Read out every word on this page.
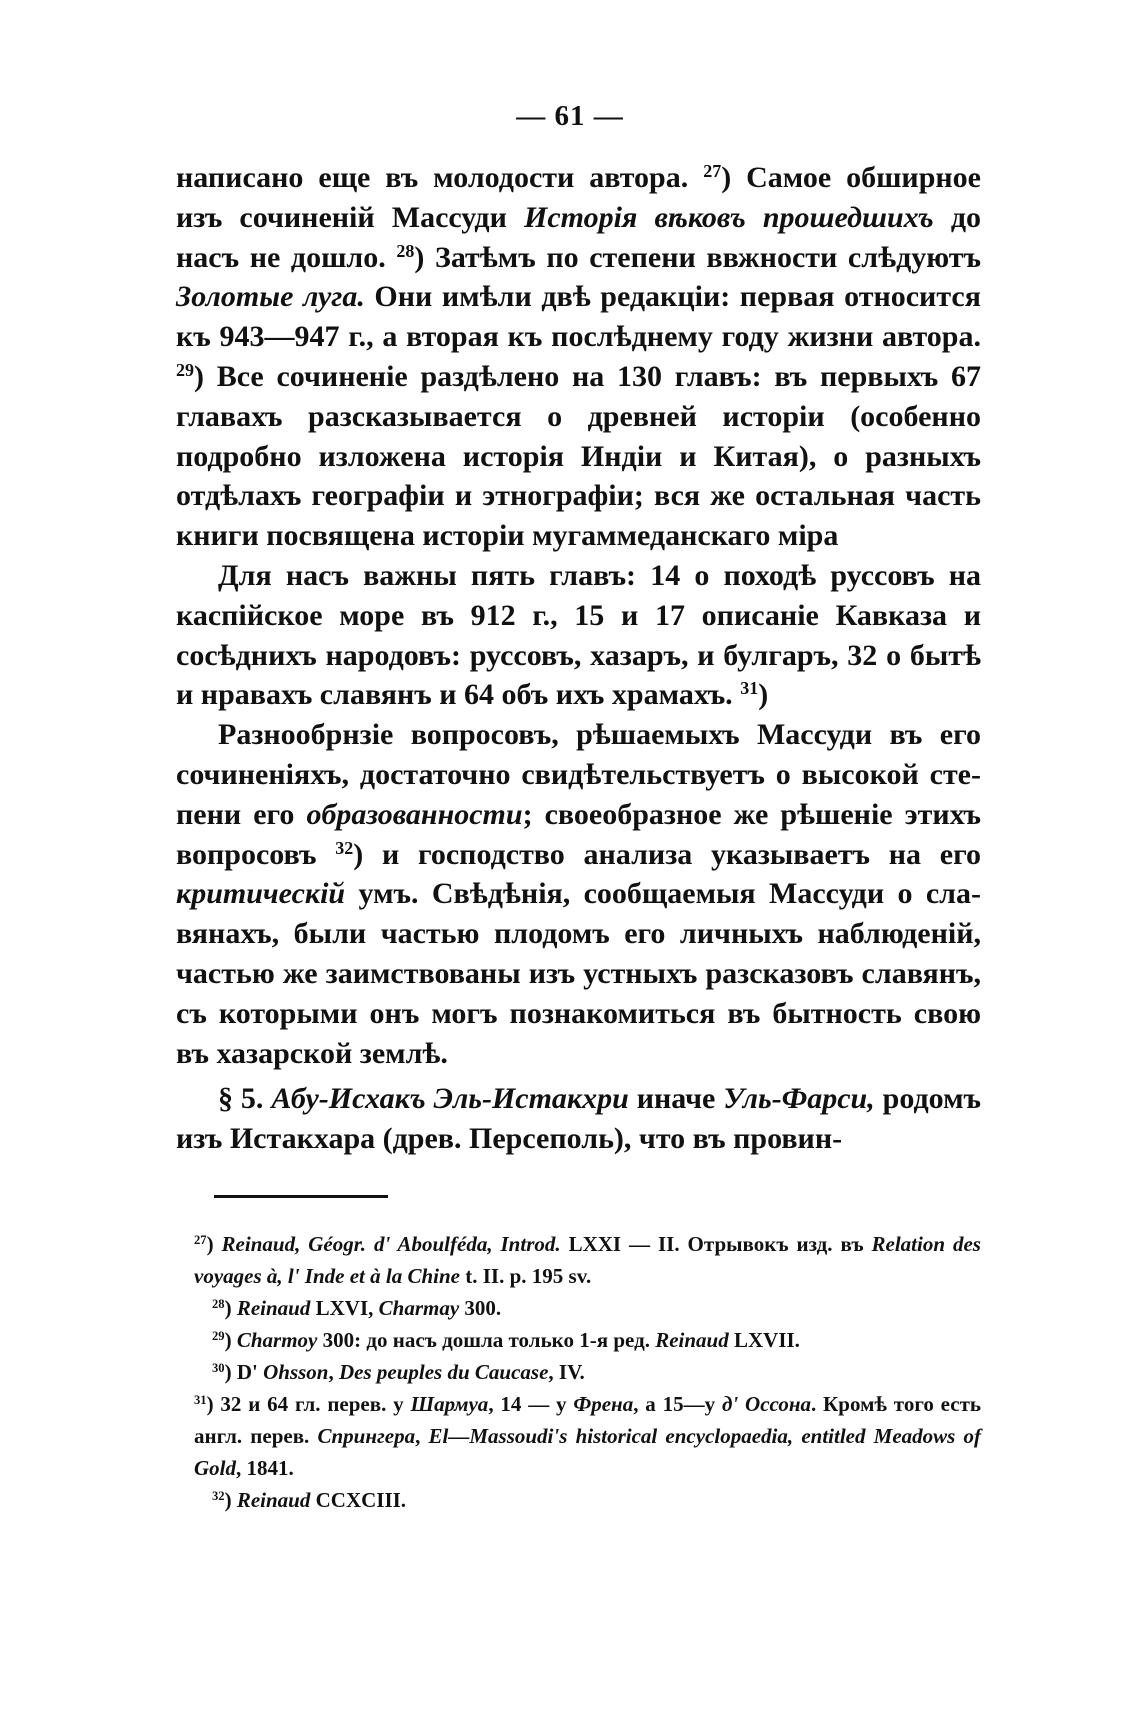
— 61 —

написано еще въ молодости автора. $^{27}$) Самое обширное изъ сочиненій Массуди Исторія вѣковъ прошедшихъ до насъ не дошло. $^{28}$) Затѣмъ по степени ввжности слѣдуютъ Золотые луга. Они имѣли двѣ редакціи: первая относится къ 943—947 г., а вторая къ послѣднему году жизни автора. $^{29}$) Все сочиненіе раздѣлено на 130 главъ: въ первыхъ 67 главахъ разсказывается о древней исторіи (особенно подробно изложена исторія Индіи и Китая), о разныхъ отдѣлахъ географіи и этнографіи; вся же остальная часть книги посвящена исторіи мугаммеданскаго міра

Для насъ важны пять главъ: 14 о походѣ руссовъ на каспійское море въ 912 г., 15 и 17 описаніе Кавказа и сосѣднихъ народовъ: руссовъ, хазаръ, и булгаръ, 32 о бытѣ и нравахъ славянъ и 64 объ ихъ храмахъ. $^{31}$)

Разнообрнзіе вопросовъ, рѣшаемыхъ Массуди въ его сочиненіяхъ, достаточно свидѣтельствуетъ о высокой степени его образованности; своеобразное же рѣшеніе этихъ вопросовъ $^{32}$) и господство анализа указываетъ на его критическій умъ. Свѣдѣнія, сообщаемыя Массуди о славянахъ, были частью плодомъ его личныхъ наблюденій, частью же заимствованы изъ устныхъ разсказовъ славянъ, съ которыми онъ могъ познакомиться въ бытность свою въ хазарской землѣ.

§ 5. Абу-Исхакъ Эль-Истакхри иначе Уль-Фарси, родомъ изъ Истакхара (древ. Персеполь), что въ провин-

$^{27}$) Reinaud, Géogr. d' Aboulféda, Introd. LXXI — II. Отрывокъ изд. въ Relation des voyages à, l' Inde et à la Chine t. II. p. 195 sv.

$^{28}$) Reinaud LXVI, Charmay 300.

$^{29}$) Charmoy 300: до насъ дошла только 1-я ред. Reinaud LXVII.

$^{30}$) D' Ohsson, Des peuples du Caucase, IV.

$^{31}$) 32 и 64 гл. перев. у Шармуа, 14 — у Френа, а 15—у д' Оссона. Кромѣ того есть англ. перев. Спрингера, El—Massoudi's historical encyclopaedia, entitled Meadows of Gold, 1841.

$^{32}$) Reinaud CCXCIII.
